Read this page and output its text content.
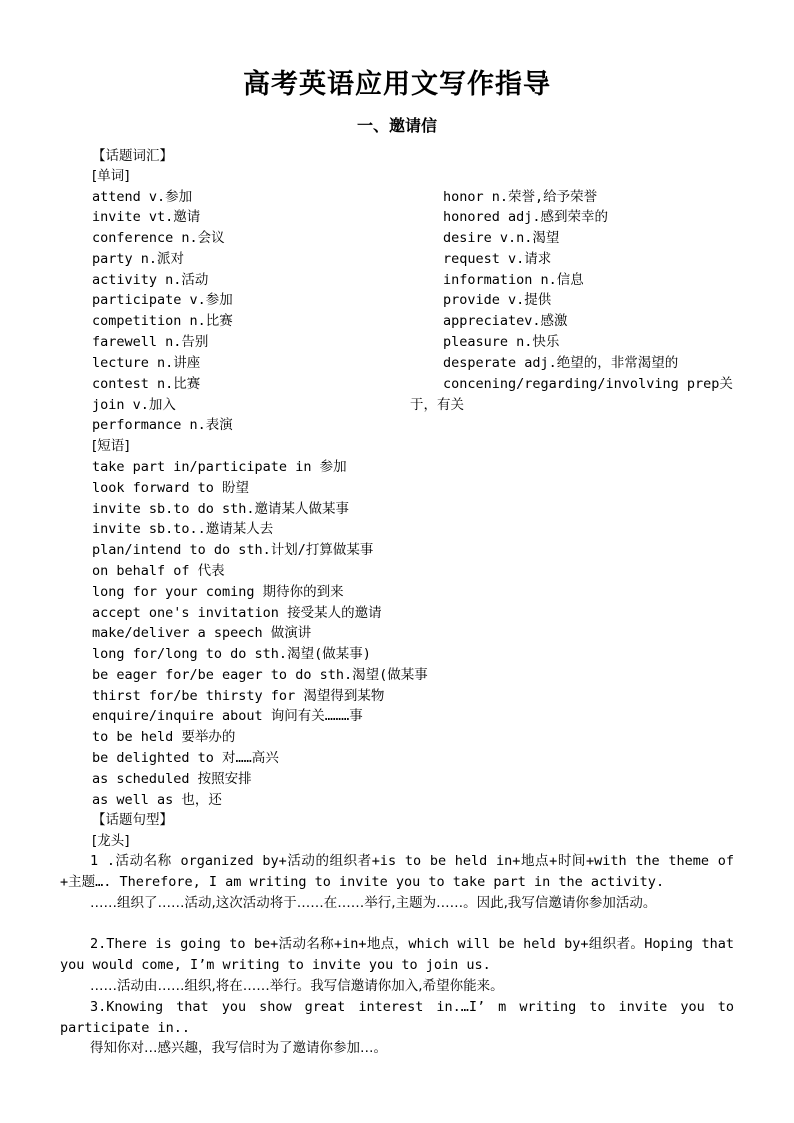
高考英语应用文写作指导
一、邀请信
【话题词汇】
[单词]
attend v.参加
invite vt.邀请
conference n.会议
party n.派对
activity n.活动
participate v.参加
competition n.比赛
farewell n.告别
lecture n.讲座
contest n.比赛
join v.加入
performance n.表演
honor n.荣誉,给予荣誉
honored adj.感到荣幸的
desire v.n.渴望
request v.请求
information n.信息
provide v.提供
appreciatev.感激
pleasure n.快乐
desperate adj.绝望的，非常渴望的
concening/regarding/involving prep关
于，有关
[短语]
take part in/participate in 参加
look forward to 盼望
invite sb.to do sth.邀请某人做某事
invite sb.to..邀请某人去
plan/intend to do sth.计划/打算做某事
on behalf of 代表
long for your coming 期待你的到来
accept one's invitation 接受某人的邀请
make/deliver a speech 做演讲
long for/long to do sth.渴望(做某事)
be eager for/be eager to do sth.渴望(做某事
thirst for/be thirsty for 渴望得到某物
enquire/inquire about 询问有关………事
to be held 要举办的
be delighted to 对……高兴
as scheduled 按照安排
as well as 也，还
【话题句型】
[龙头]

1 .活动名称 organized by+活动的组织者+is to be held in+地点+时间+with the theme of +主题…. Therefore, I am writing to invite you to take part in the activity.

……组织了……活动,这次活动将于……在……举行,主题为……。因此,我写信邀请你参加活动。

2.There is going to be+活动名称+in+地点，which will be held by+组织者。Hoping that you would come, I’m writing to invite you to join us.

……活动由……组织,将在……举行。我写信邀请你加入,希望你能来。

3.Knowing that you show great interest in.…I’ m writing to invite you to participate in..

得知你对…感兴趣，我写信时为了邀请你参加…。
